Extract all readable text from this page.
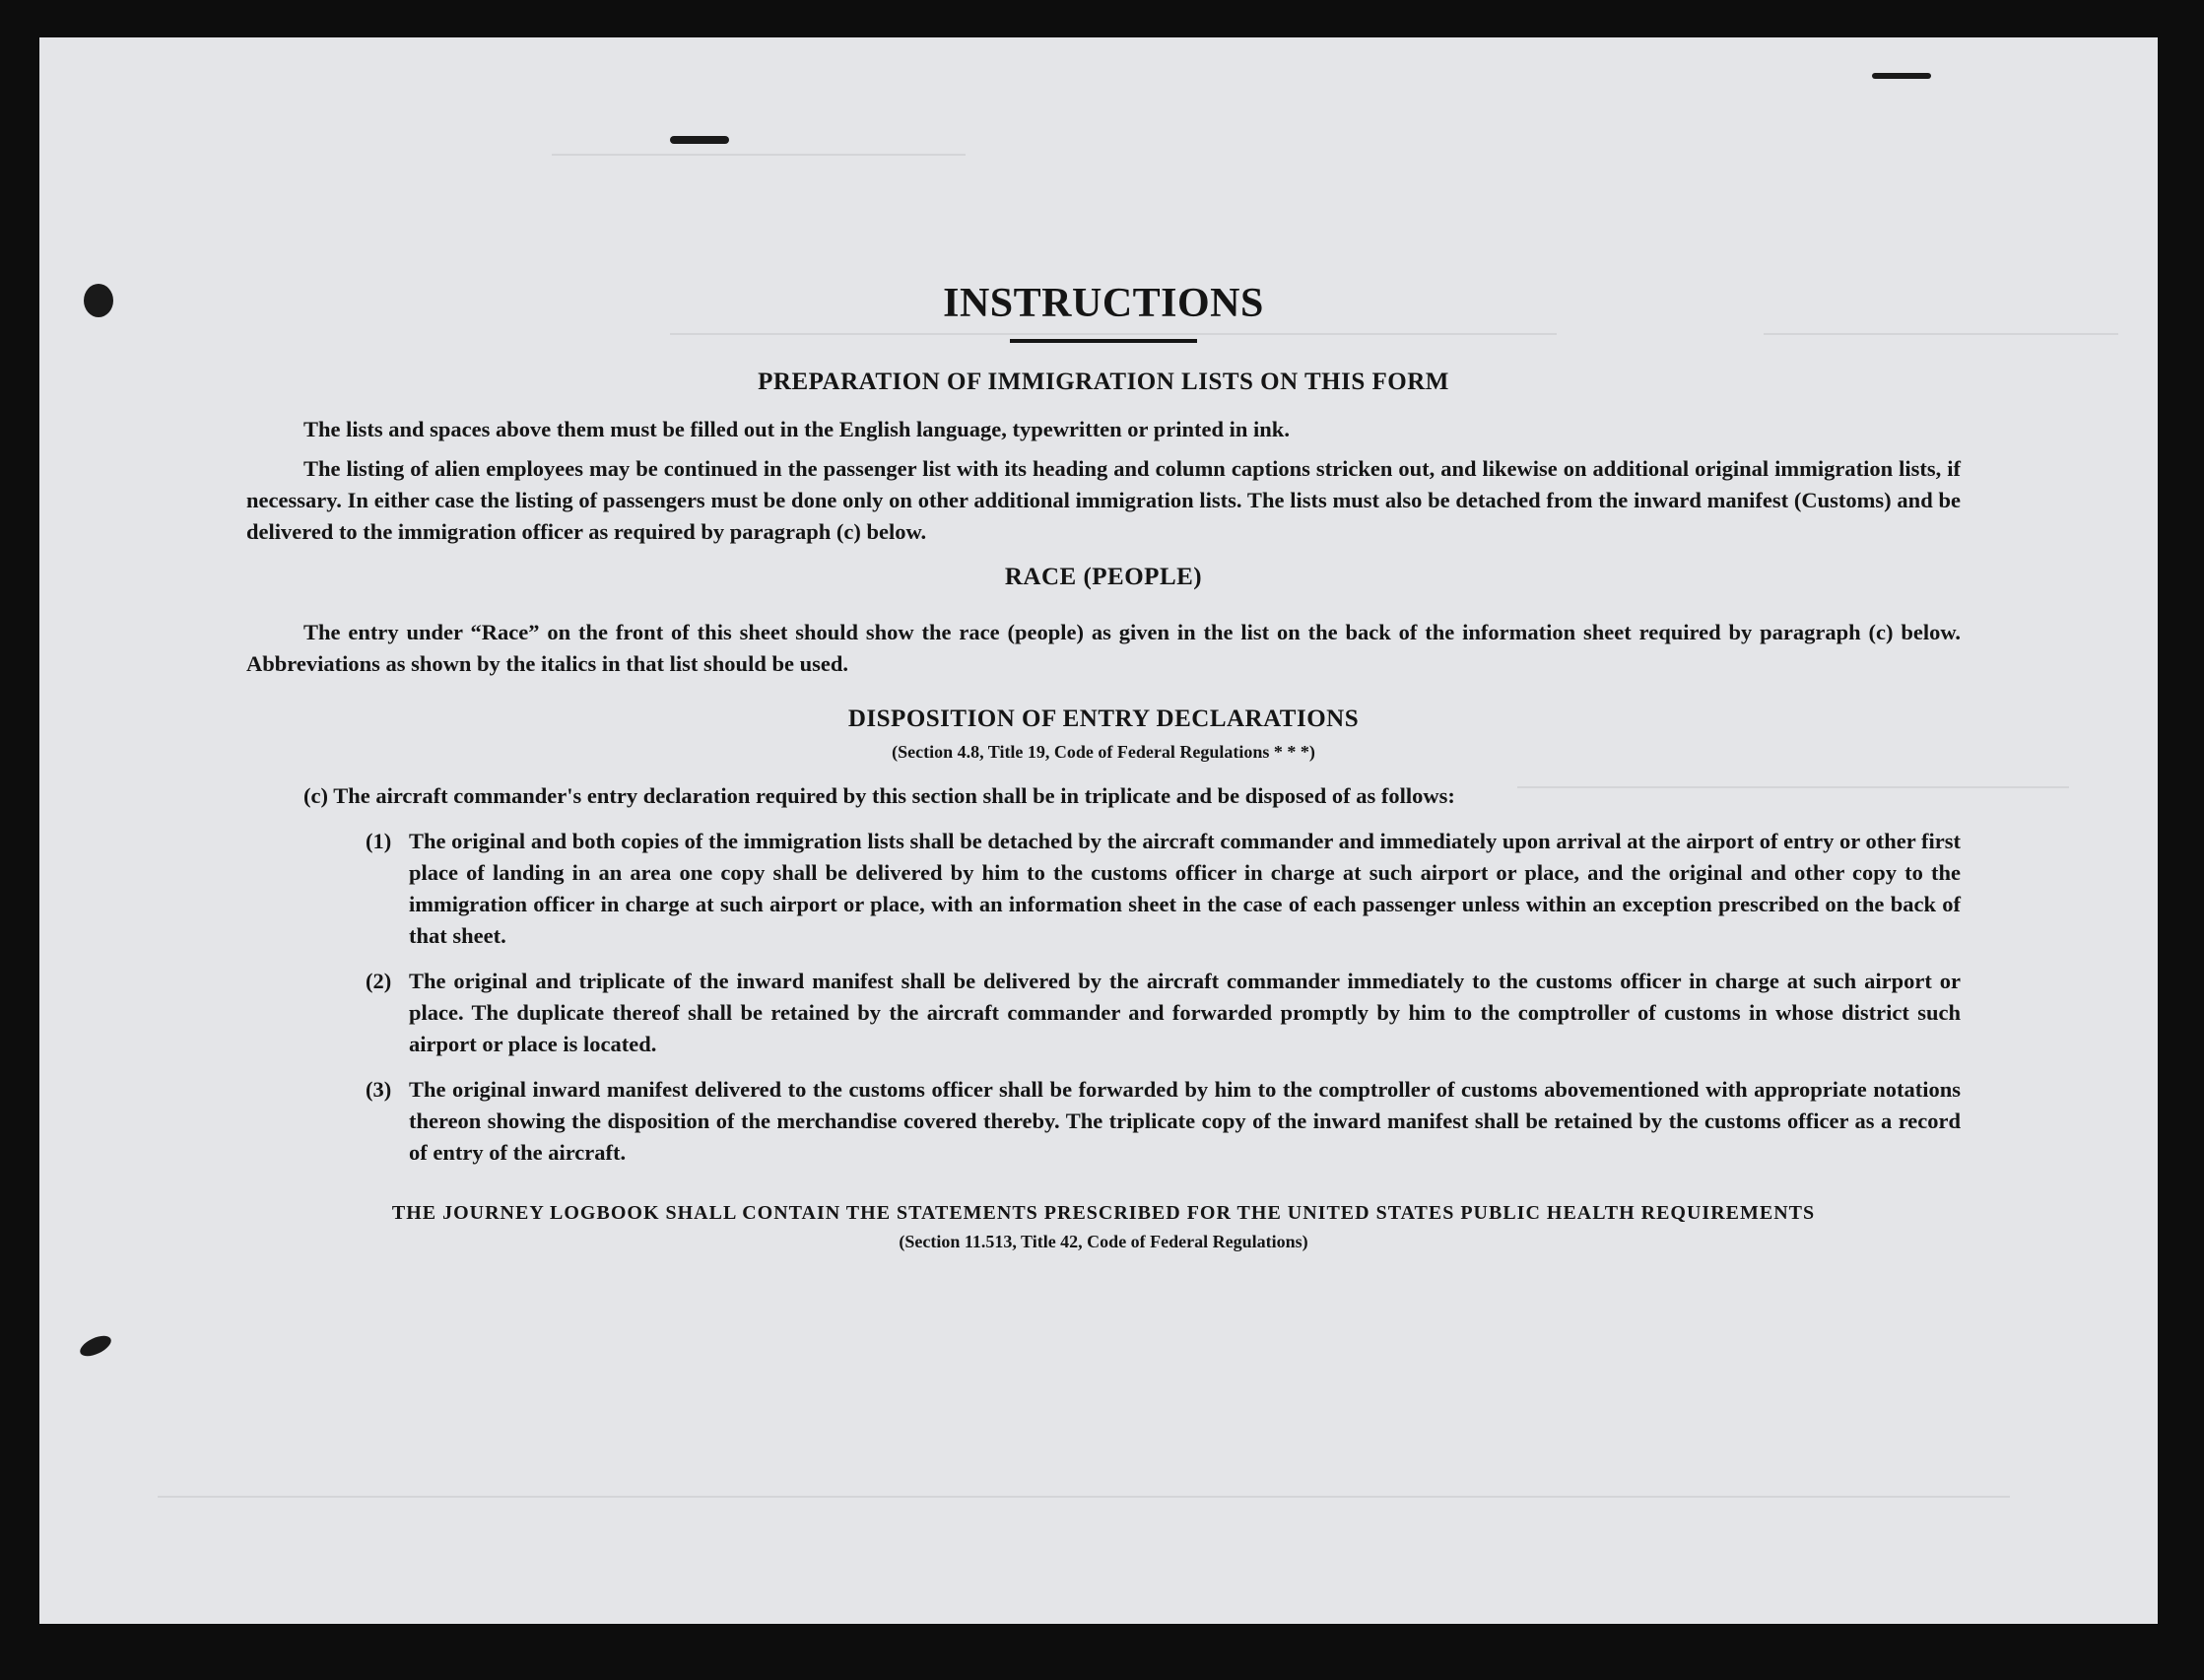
INSTRUCTIONS
PREPARATION OF IMMIGRATION LISTS ON THIS FORM

The lists and spaces above them must be filled out in the English language, typewritten or printed in ink.

The listing of alien employees may be continued in the passenger list with its heading and column captions stricken out, and likewise on additional original immigration lists, if necessary. In either case the listing of passengers must be done only on other additional immigration lists. The lists must also be detached from the inward manifest (Customs) and be delivered to the immigration officer as required by paragraph (c) below.

RACE (PEOPLE)

The entry under “Race” on the front of this sheet should show the race (people) as given in the list on the back of the information sheet required by paragraph (c) below. Abbreviations as shown by the italics in that list should be used.

DISPOSITION OF ENTRY DECLARATIONS
(Section 4.8, Title 19, Code of Federal Regulations * * *)

(c) The aircraft commander's entry declaration required by this section shall be in triplicate and be disposed of as follows:

(1) The original and both copies of the immigration lists shall be detached by the aircraft commander and immediately upon arrival at the airport of entry or other first place of landing in an area one copy shall be delivered by him to the customs officer in charge at such airport or place, and the original and other copy to the immigration officer in charge at such airport or place, with an information sheet in the case of each passenger unless within an exception prescribed on the back of that sheet.
(2) The original and triplicate of the inward manifest shall be delivered by the aircraft commander immediately to the customs officer in charge at such airport or place. The duplicate thereof shall be retained by the aircraft commander and forwarded promptly by him to the comptroller of customs in whose district such airport or place is located.
(3) The original inward manifest delivered to the customs officer shall be forwarded by him to the comptroller of customs abovementioned with appropriate notations thereon showing the disposition of the merchandise covered thereby. The triplicate copy of the inward manifest shall be retained by the customs officer as a record of entry of the aircraft.
THE JOURNEY LOGBOOK SHALL CONTAIN THE STATEMENTS PRESCRIBED FOR THE UNITED STATES PUBLIC HEALTH REQUIREMENTS
(Section 11.513, Title 42, Code of Federal Regulations)
